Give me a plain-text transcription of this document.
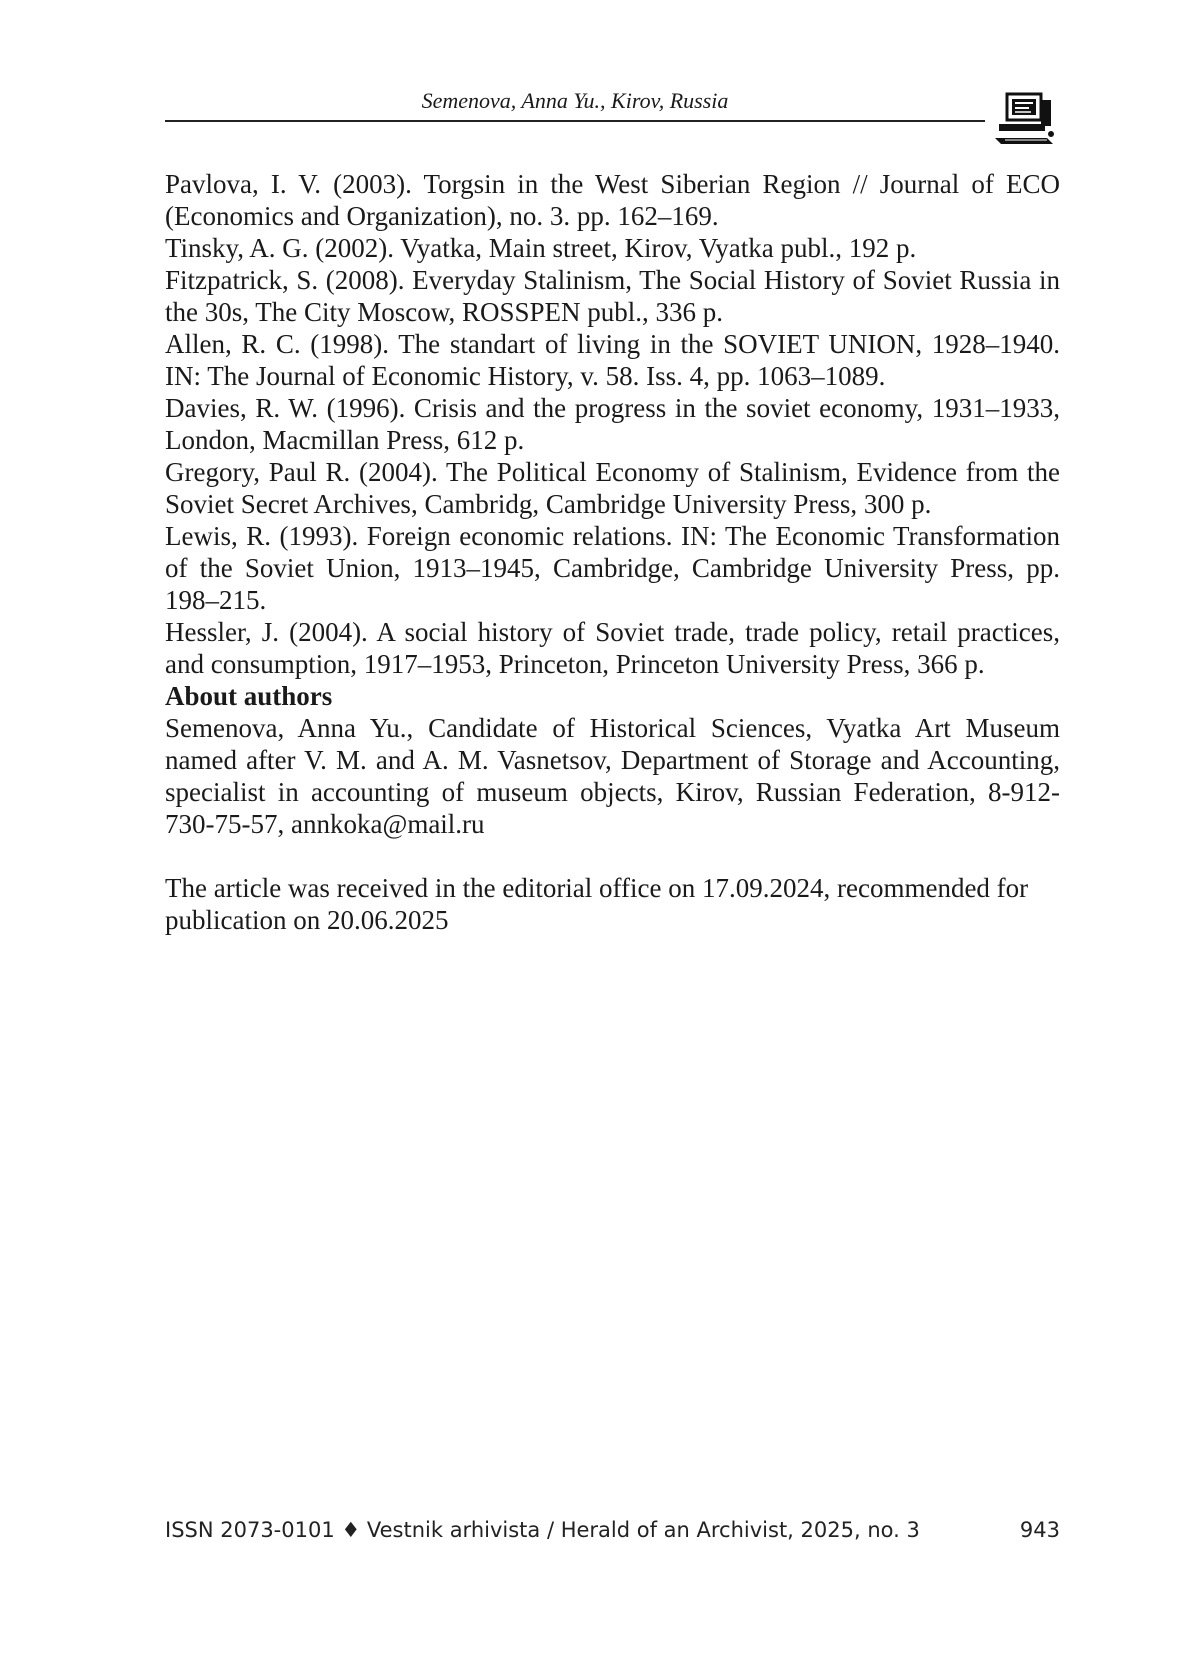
Semenova, Anna Yu., Kirov, Russia

Pavlova, I. V. (2003). Torgsin in the West Siberian Region // Journal of ECO (Economics and Organization), no. 3. pp. 162–169.

Tinsky, A. G. (2002). Vyatka, Main street, Kirov, Vyatka publ., 192 p.

Fitzpatrick, S. (2008). Everyday Stalinism, The Social History of Soviet Russia in the 30s, The City Moscow, ROSSPEN publ., 336 p.

Allen, R. C. (1998). The standart of living in the SOVIET UNION, 1928–1940. IN: The Journal of Economic History, v. 58. Iss. 4, pp. 1063–1089.

Davies, R. W. (1996). Crisis and the progress in the soviet economy, 1931–1933, London, Macmillan Press, 612 p.

Gregory, Paul R. (2004). The Political Economy of Stalinism, Evidence from the Soviet Secret Archives, Cambridg, Cambridge University Press, 300 p.

Lewis, R. (1993). Foreign economic relations. IN: The Economic Transformation of the Soviet Union, 1913–1945, Cambridge, Cambridge University Press, pp. 198–215.

Hessler, J. (2004). A social history of Soviet trade, trade policy, retail practices, and consumption, 1917–1953, Princeton, Princeton University Press, 366 p.

About authors

Semenova, Anna Yu., Candidate of Historical Sciences, Vyatka Art Museum named after V. M. and A. M. Vasnetsov, Department of Storage and Accounting, specialist in accounting of museum objects, Kirov, Russian Federation, 8-912-730-75-57, annkoka@mail.ru

The article was received in the editorial office on 17.09.2024, recommended for publication on 20.06.2025

ISSN 2073-0101 ♦ Vestnik arhivista / Herald of an Archivist, 2025, no. 3	943
